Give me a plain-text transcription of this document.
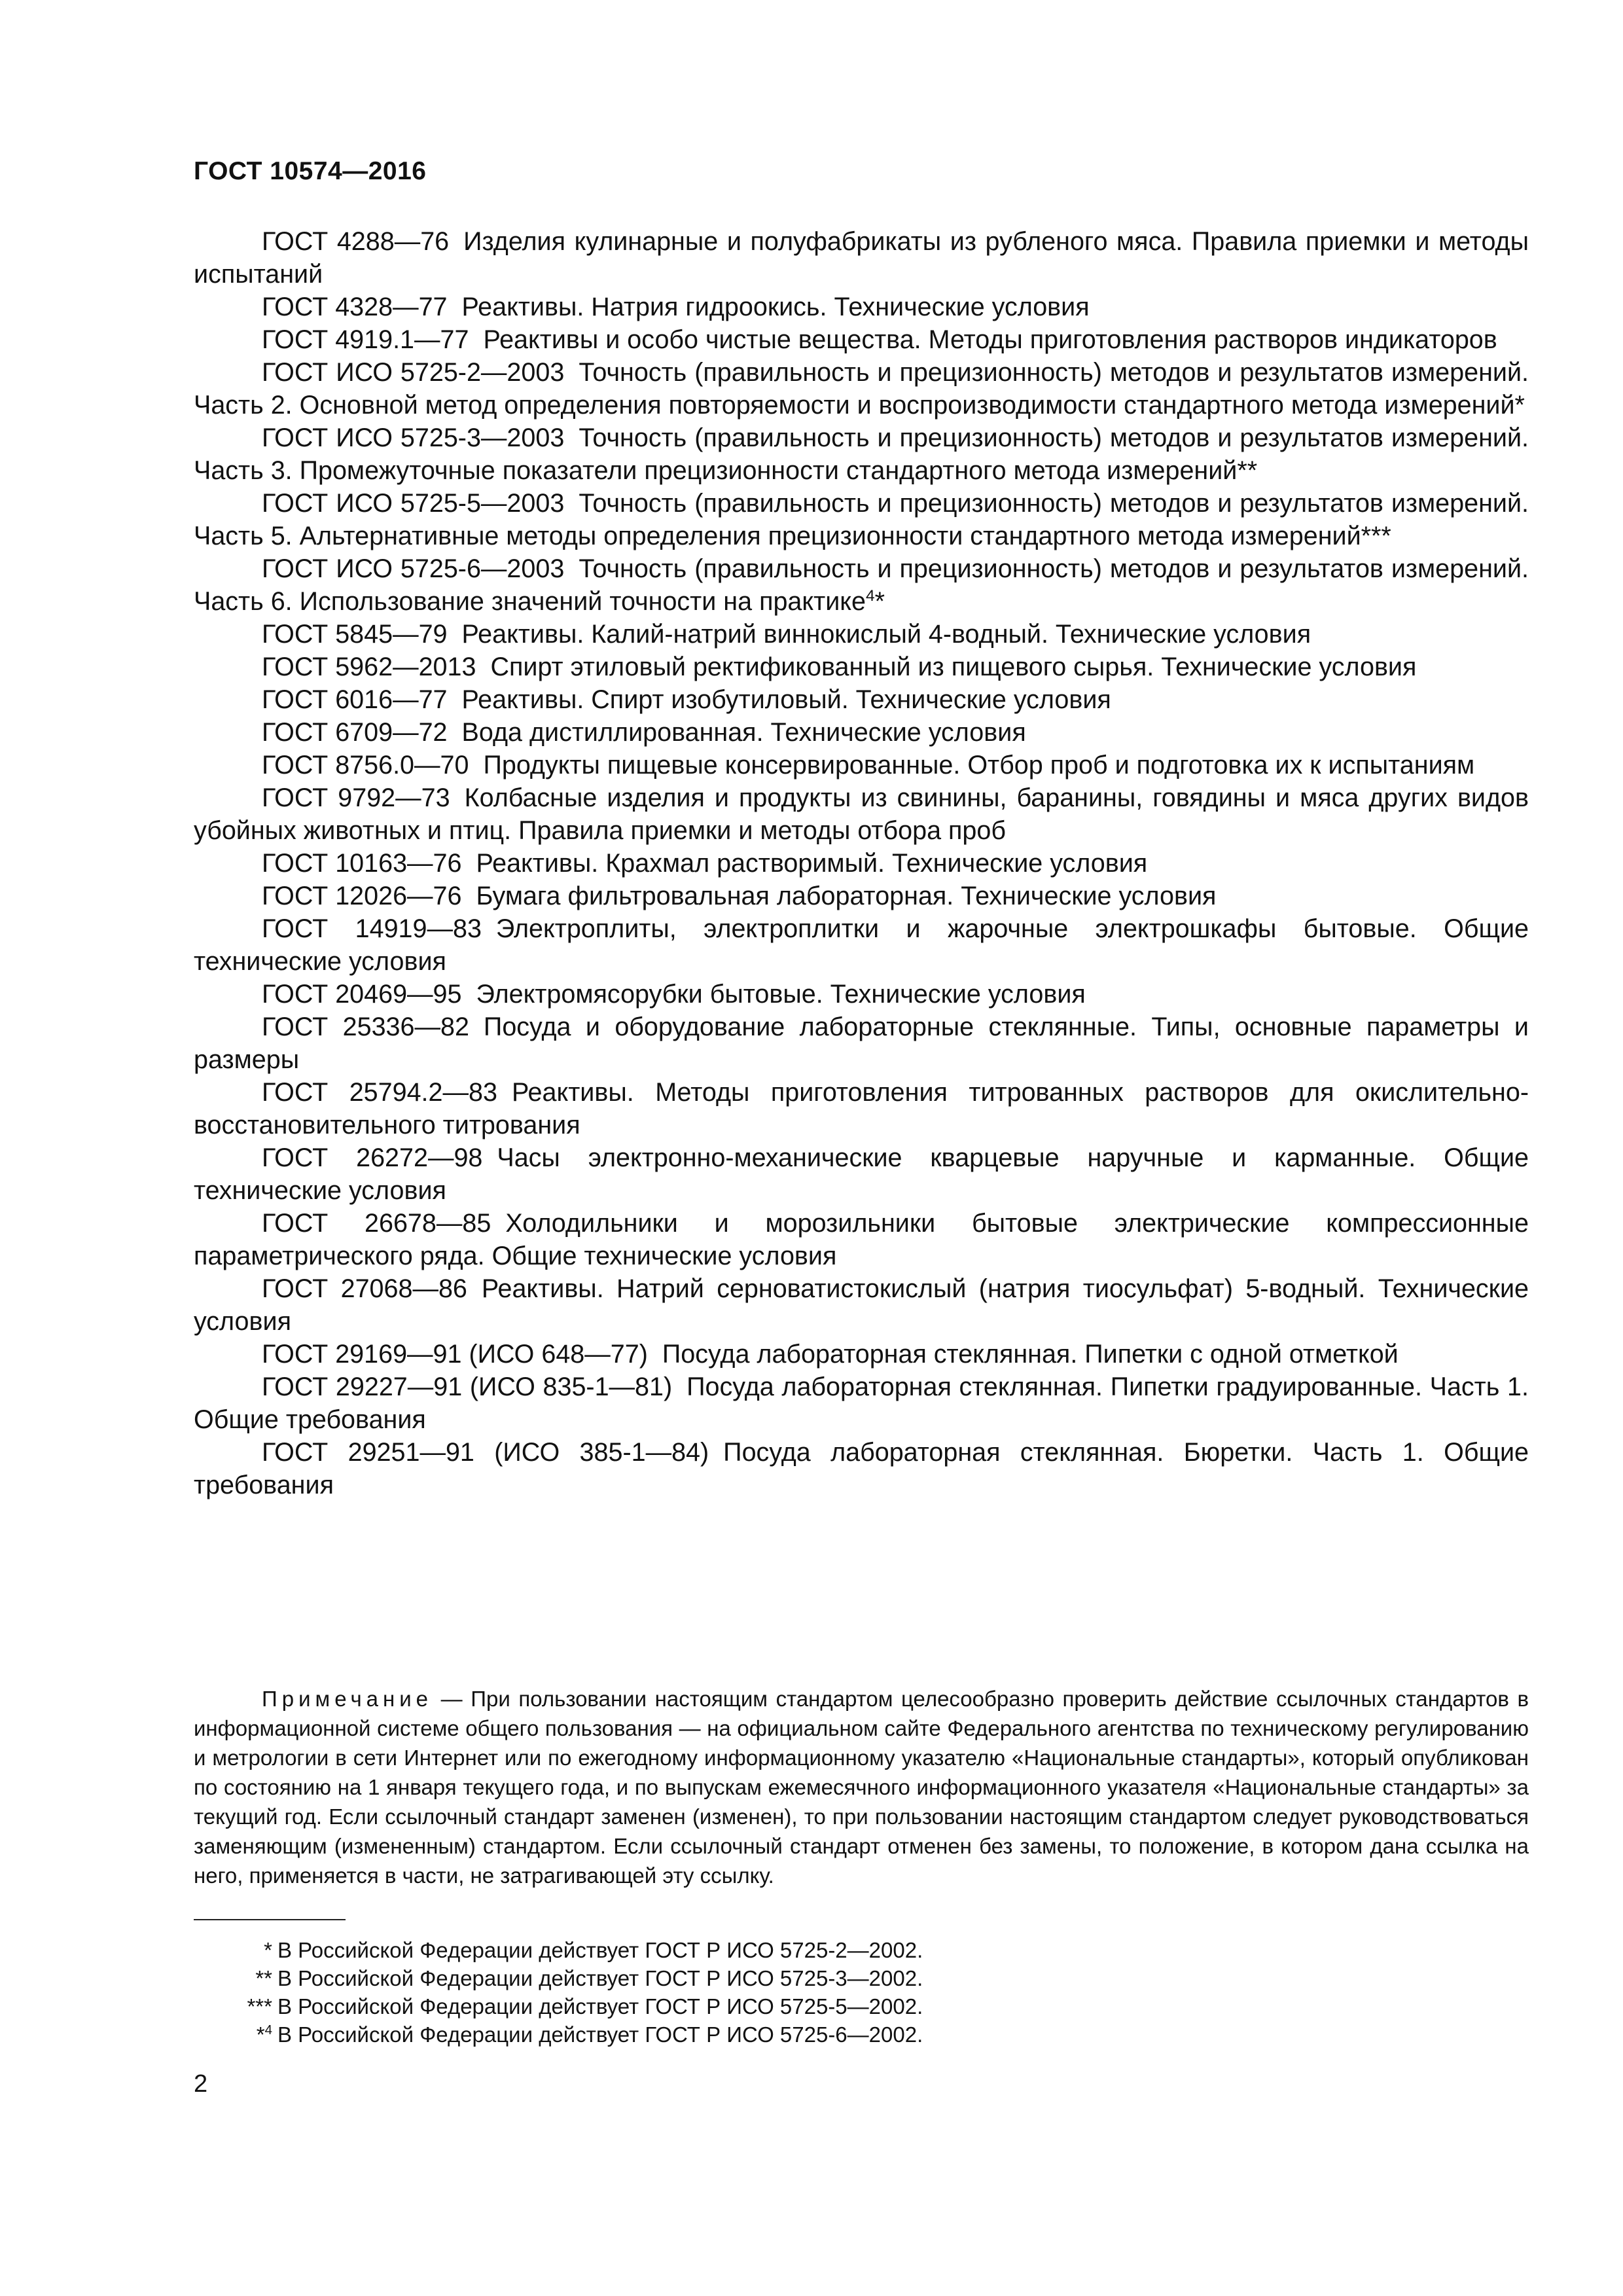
ГОСТ 10574—2016

ГОСТ 4288—76 Изделия кулинарные и полуфабрикаты из рубленого мяса. Правила приемки и методы испытаний

ГОСТ 4328—77 Реактивы. Натрия гидроокись. Технические условия

ГОСТ 4919.1—77 Реактивы и особо чистые вещества. Методы приготовления растворов индикаторов

ГОСТ ИСО 5725-2—2003 Точность (правильность и прецизионность) методов и результатов измерений. Часть 2. Основной метод определения повторяемости и воспроизводимости стандартного метода измерений*

ГОСТ ИСО 5725-3—2003 Точность (правильность и прецизионность) методов и результатов измерений. Часть 3. Промежуточные показатели прецизионности стандартного метода измерений**

ГОСТ ИСО 5725-5—2003 Точность (правильность и прецизионность) методов и результатов измерений. Часть 5. Альтернативные методы определения прецизионности стандартного метода измерений***

ГОСТ ИСО 5725-6—2003 Точность (правильность и прецизионность) методов и результатов измерений. Часть 6. Использование значений точности на практике$^4$*

ГОСТ 5845—79 Реактивы. Калий-натрий виннокислый 4-водный. Технические условия

ГОСТ 5962—2013 Спирт этиловый ректификованный из пищевого сырья. Технические условия

ГОСТ 6016—77 Реактивы. Спирт изобутиловый. Технические условия

ГОСТ 6709—72 Вода дистиллированная. Технические условия

ГОСТ 8756.0—70 Продукты пищевые консервированные. Отбор проб и подготовка их к испытаниям

ГОСТ 9792—73 Колбасные изделия и продукты из свинины, баранины, говядины и мяса других видов убойных животных и птиц. Правила приемки и методы отбора проб

ГОСТ 10163—76 Реактивы. Крахмал растворимый. Технические условия

ГОСТ 12026—76 Бумага фильтровальная лабораторная. Технические условия

ГОСТ 14919—83 Электроплиты, электроплитки и жарочные электрошкафы бытовые. Общие технические условия

ГОСТ 20469—95 Электромясорубки бытовые. Технические условия

ГОСТ 25336—82 Посуда и оборудование лабораторные стеклянные. Типы, основные параметры и размеры

ГОСТ 25794.2—83 Реактивы. Методы приготовления титрованных растворов для окислительно-восстановительного титрования

ГОСТ 26272—98 Часы электронно-механические кварцевые наручные и карманные. Общие технические условия

ГОСТ 26678—85 Холодильники и морозильники бытовые электрические компрессионные параметрического ряда. Общие технические условия

ГОСТ 27068—86 Реактивы. Натрий серноватистокислый (натрия тиосульфат) 5-водный. Технические условия

ГОСТ 29169—91 (ИСО 648—77) Посуда лабораторная стеклянная. Пипетки с одной отметкой

ГОСТ 29227—91 (ИСО 835-1—81) Посуда лабораторная стеклянная. Пипетки градуированные. Часть 1. Общие требования

ГОСТ 29251—91 (ИСО 385-1—84) Посуда лабораторная стеклянная. Бюретки. Часть 1. Общие требования

Примечание — При пользовании настоящим стандартом целесообразно проверить действие ссылочных стандартов в информационной системе общего пользования — на официальном сайте Федерального агентства по техническому регулированию и метрологии в сети Интернет или по ежегодному информационному указателю «Национальные стандарты», который опубликован по состоянию на 1 января текущего года, и по выпускам ежемесячного информационного указателя «Национальные стандарты» за текущий год. Если ссылочный стандарт заменен (изменен), то при пользовании настоящим стандартом следует руководствоваться заменяющим (измененным) стандартом. Если ссылочный стандарт отменен без замены, то положение, в котором дана ссылка на него, применяется в части, не затрагивающей эту ссылку.

* В Российской Федерации действует ГОСТ Р ИСО 5725-2—2002.

** В Российской Федерации действует ГОСТ Р ИСО 5725-3—2002.

*** В Российской Федерации действует ГОСТ Р ИСО 5725-5—2002.

*$^4$ В Российской Федерации действует ГОСТ Р ИСО 5725-6—2002.

2
